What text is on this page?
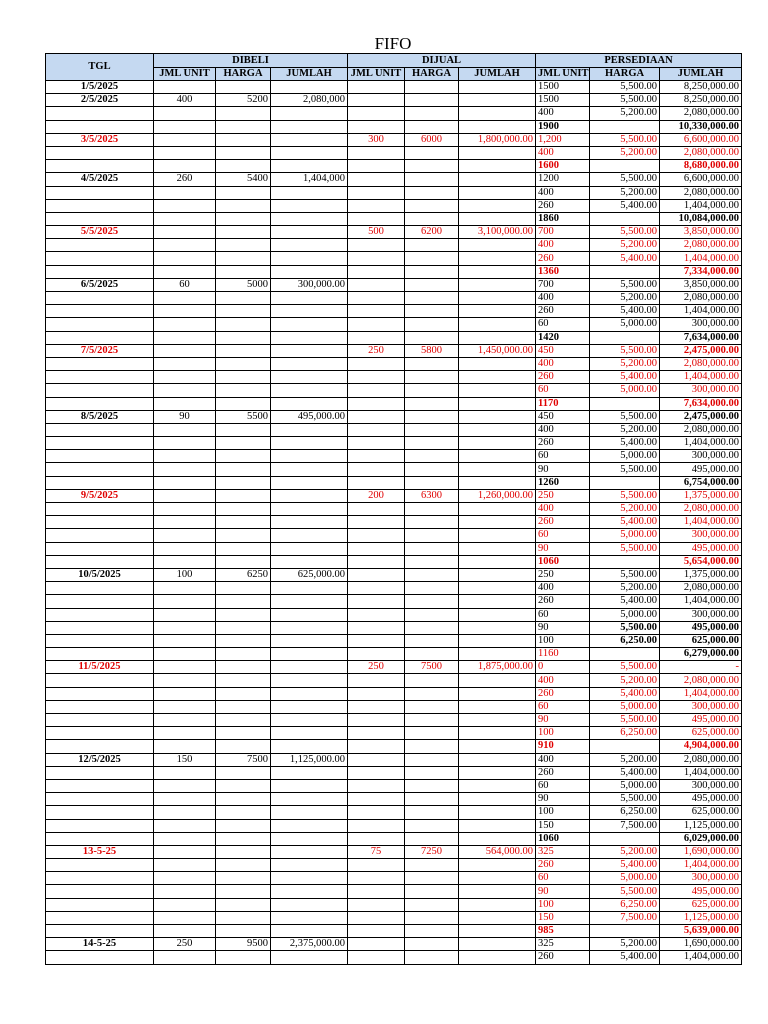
FIFO
TGL	DIBELI			DIJUAL			PERSEDIAAN		
	JML UNIT	HARGA	JUMLAH	JML UNIT	HARGA	JUMLAH	JML UNIT	HARGA	JUMLAH
1/5/2025							1500	5,500.00	8,250,000.00
2/5/2025	400	5200	2,080,000				1500	5,500.00	8,250,000.00
							400	5,200.00	2,080,000.00
							1900		10,330,000.00
3/5/2025				300	6000	1,800,000.00	1,200	5,500.00	6,600,000.00
							400	5,200.00	2,080,000.00
							1600		8,680,000.00
4/5/2025	260	5400	1,404,000				1200	5,500.00	6,600,000.00
							400	5,200.00	2,080,000.00
							260	5,400.00	1,404,000.00
							1860		10,084,000.00
5/5/2025				500	6200	3,100,000.00	700	5,500.00	3,850,000.00
							400	5,200.00	2,080,000.00
							260	5,400.00	1,404,000.00
							1360		7,334,000.00
6/5/2025	60	5000	300,000.00				700	5,500.00	3,850,000.00
							400	5,200.00	2,080,000.00
							260	5,400.00	1,404,000.00
							60	5,000.00	300,000.00
							1420		7,634,000.00
7/5/2025				250	5800	1,450,000.00	450	5,500.00	2,475,000.00
							400	5,200.00	2,080,000.00
							260	5,400.00	1,404,000.00
							60	5,000.00	300,000.00
							1170		7,634,000.00
8/5/2025	90	5500	495,000.00				450	5,500.00	2,475,000.00
							400	5,200.00	2,080,000.00
							260	5,400.00	1,404,000.00
							60	5,000.00	300,000.00
							90	5,500.00	495,000.00
							1260		6,754,000.00
9/5/2025				200	6300	1,260,000.00	250	5,500.00	1,375,000.00
							400	5,200.00	2,080,000.00
							260	5,400.00	1,404,000.00
							60	5,000.00	300,000.00
							90	5,500.00	495,000.00
							1060		5,654,000.00
10/5/2025	100	6250	625,000.00				250	5,500.00	1,375,000.00
							400	5,200.00	2,080,000.00
							260	5,400.00	1,404,000.00
							60	5,000.00	300,000.00
							90	5,500.00	495,000.00
							100	6,250.00	625,000.00
							1160		6,279,000.00
11/5/2025				250	7500	1,875,000.00	0	5,500.00	-
							400	5,200.00	2,080,000.00
							260	5,400.00	1,404,000.00
							60	5,000.00	300,000.00
							90	5,500.00	495,000.00
							100	6,250.00	625,000.00
							910		4,904,000.00
12/5/2025	150	7500	1,125,000.00				400	5,200.00	2,080,000.00
							260	5,400.00	1,404,000.00
							60	5,000.00	300,000.00
							90	5,500.00	495,000.00
							100	6,250.00	625,000.00
							150	7,500.00	1,125,000.00
							1060		6,029,000.00
13-5-25				75	7250	564,000.00	325	5,200.00	1,690,000.00
							260	5,400.00	1,404,000.00
							60	5,000.00	300,000.00
							90	5,500.00	495,000.00
							100	6,250.00	625,000.00
							150	7,500.00	1,125,000.00
							985		5,639,000.00
14-5-25	250	9500	2,375,000.00				325	5,200.00	1,690,000.00
							260	5,400.00	1,404,000.00
